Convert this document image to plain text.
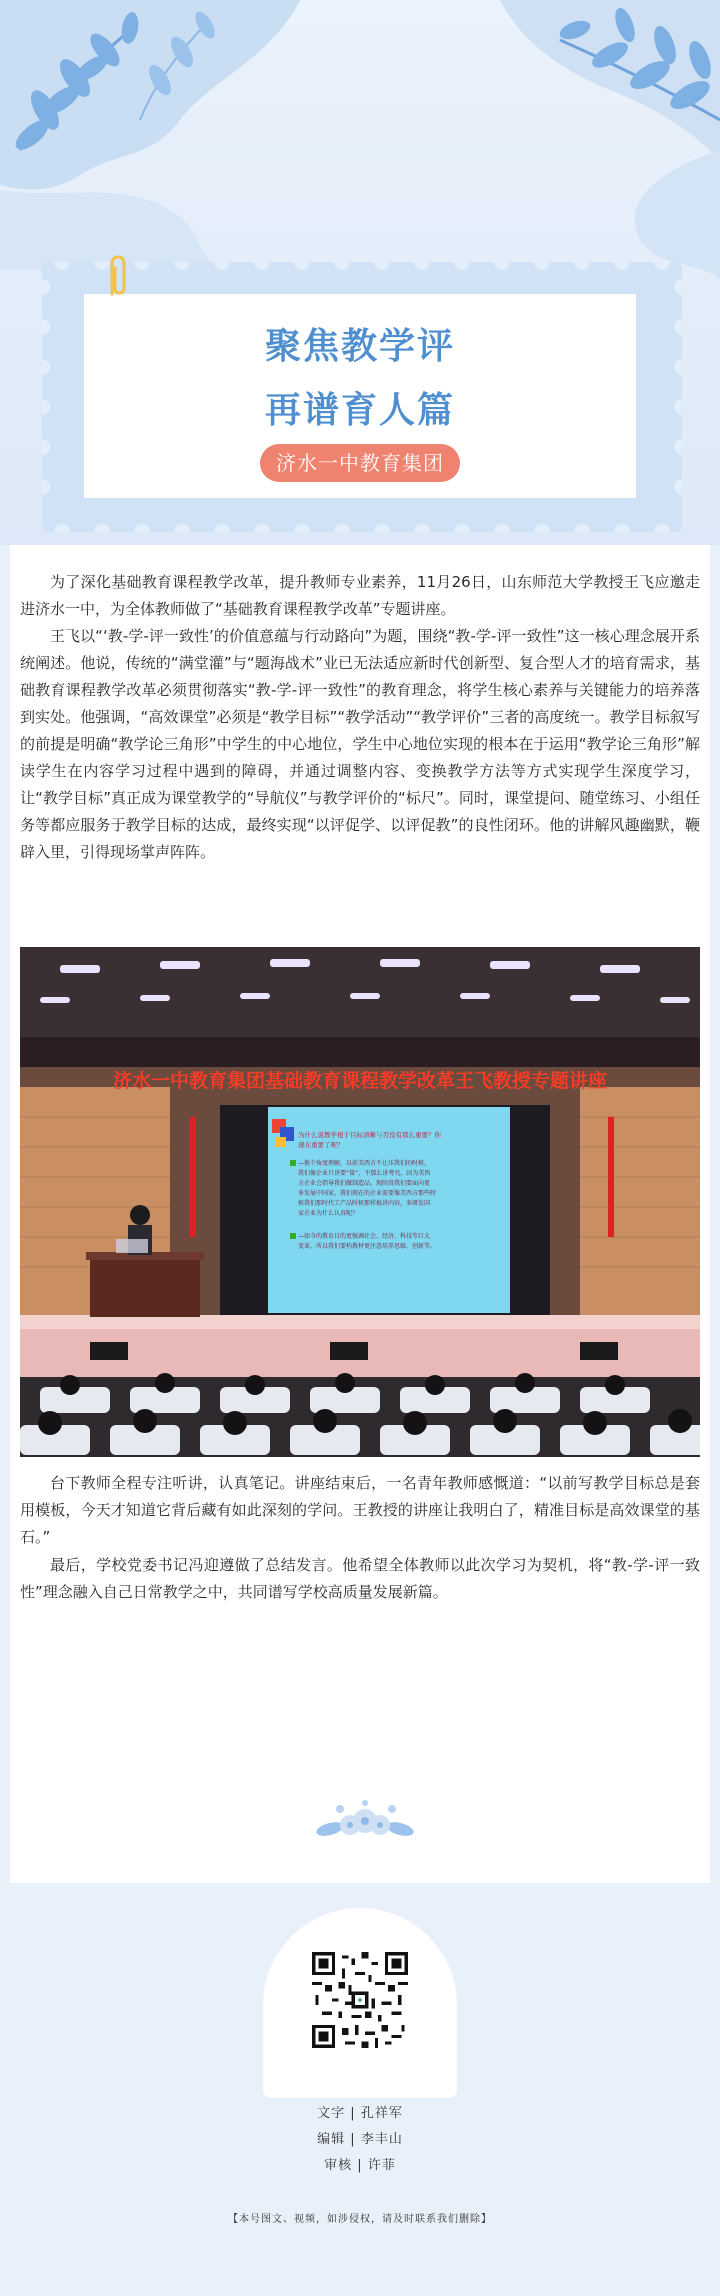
聚焦教学评
再谱育人篇
济水一中教育集团

为了深化基础教育课程教学改革，提升教师专业素养，11月26日，山东师范大学教授王飞应邀走进济水一中，为全体教师做了“基础教育课程教学改革”专题讲座。

王飞以“‘教-学-评一致性’的价值意蕴与行动路向”为题，围绕“教-学-评一致性”这一核心理念展开系统阐述。他说，传统的“满堂灌”与“题海战术”业已无法适应新时代创新型、复合型人才的培育需求，基础教育课程教学改革必须贯彻落实“教-学-评一致性”的教育理念，将学生核心素养与关键能力的培养落到实处。他强调，“高效课堂”必须是“教学目标”“教学活动”“教学评价”三者的高度统一。教学目标叙写的前提是明确“教学论三角形”中学生的中心地位，学生中心地位实现的根本在于运用“教学论三角形”解读学生在内容学习过程中遇到的障碍，并通过调整内容、变换教学方法等方式实现学生深度学习，让“教学目标”真正成为课堂教学的“导航仪”与教学评价的“标尺”。同时，课堂提问、随堂练习、小组任务等都应服务于教学目标的达成，最终实现“以评促学、以评促教”的良性闭环。他的讲解风趣幽默，鞭辟入里，引得现场掌声阵阵。

济水一中教育集团基础教育课程教学改革王飞教授专题讲座
为什么说教学根于目标清晰与否没有那么重要？你
现在重要了呢？
—换个角度理解，以前美西方不让压我们的时候，
我们像企业只讲要“量”，不那么讲考究，因为美西
方企业会指导我们做制造品。现阶段我们要面向更
多发展中国家，我们现在的企业需要像美西方那些时
候我们那时代工产品时候那样搞讲内容，多研发国
家企业为什么认真呢？
—如今的教育目的更强调社会、经济、科技等巨大
变革，所以我们要构教材更注意培养思维、创新等。

台下教师全程专注听讲，认真笔记。讲座结束后，一名青年教师感慨道：“以前写教学目标总是套用模板，今天才知道它背后藏有如此深刻的学问。王教授的讲座让我明白了，精准目标是高效课堂的基石。”

最后，学校党委书记冯迎遵做了总结发言。他希望全体教师以此次学习为契机，将“教-学-评一致性”理念融入自己日常教学之中，共同谱写学校高质量发展新篇。

文字 | 孔祥军
编辑 | 李丰山
审核 | 许菲
【本号图文、视频，如涉侵权，请及时联系我们删除】
